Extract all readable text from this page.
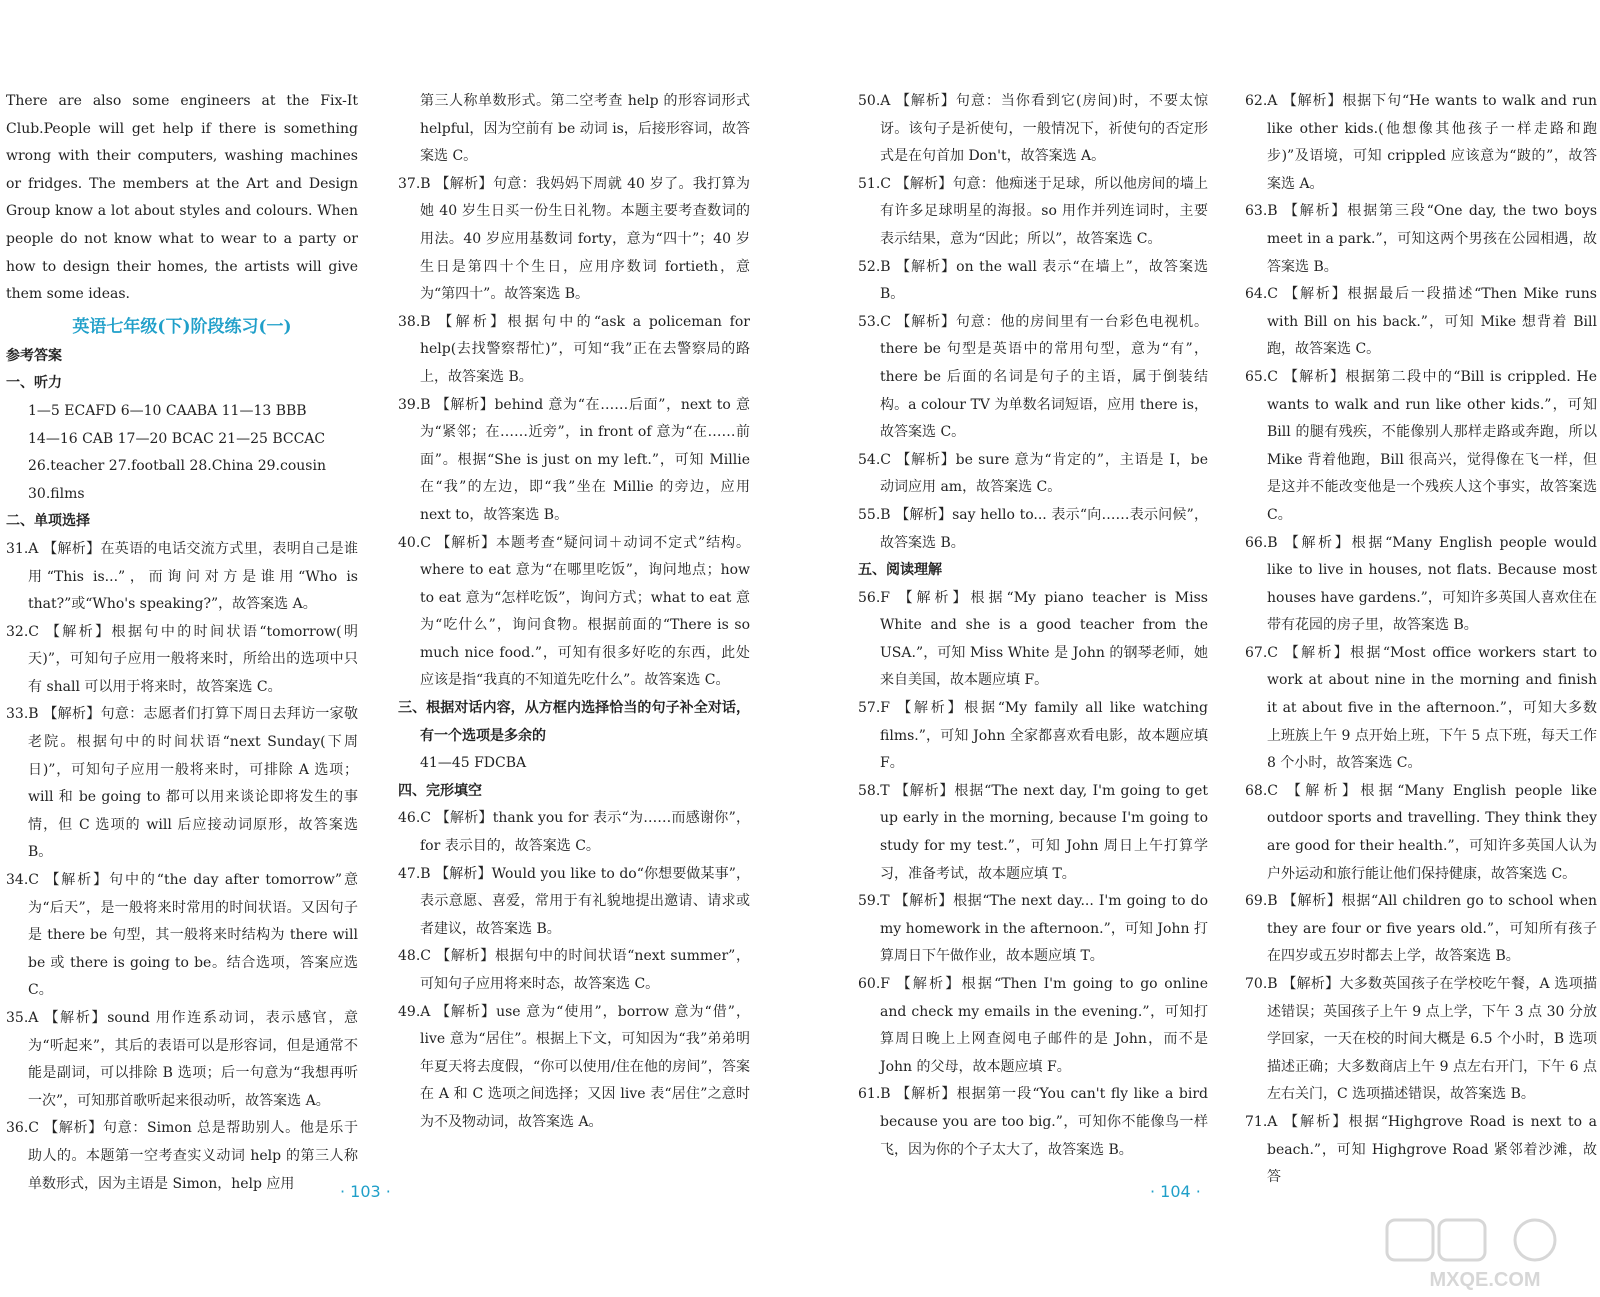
There are also some engineers at the Fix-It Club.People will get help if there is something wrong with their computers, washing machines or fridges. The members at the Art and Design Group know a lot about styles and colours. When people do not know what to wear to a party or how to design their homes, the artists will give them some ideas.
英语七年级(下)阶段练习(一)
参考答案
一、听力
1—5 ECAFD 6—10 CAABA 11—13 BBB
14—16 CAB 17—20 BCAC 21—25 BCCAC
26.teacher 27.football 28.China 29.cousin
30.films
二、单项选择
31.A 【解析】在英语的电话交流方式里，表明自己是谁用“This is...”，而询问对方是谁用“Who is that?”或“Who's speaking?”，故答案选 A。
32.C 【解析】根据句中的时间状语“tomorrow(明天)”，可知句子应用一般将来时，所给出的选项中只有 shall 可以用于将来时，故答案选 C。
33.B 【解析】句意：志愿者们打算下周日去拜访一家敬老院。根据句中的时间状语“next Sunday(下周日)”，可知句子应用一般将来时，可排除 A 选项；will 和 be going to 都可以用来谈论即将发生的事情，但 C 选项的 will 后应接动词原形，故答案选 B。
34.C 【解析】句中的“the day after tomorrow”意为“后天”，是一般将来时常用的时间状语。又因句子是 there be 句型，其一般将来时结构为 there will be 或 there is going to be。结合选项，答案应选 C。
35.A 【解析】sound 用作连系动词，表示感官，意为“听起来”，其后的表语可以是形容词，但是通常不能是副词，可以排除 B 选项；后一句意为“我想再听一次”，可知那首歌听起来很动听，故答案选 A。
36.C 【解析】句意：Simon 总是帮助别人。他是乐于助人的。本题第一空考查实义动词 help 的第三人称单数形式，因为主语是 Simon，help 应用
第三人称单数形式。第二空考查 help 的形容词形式 helpful，因为空前有 be 动词 is，后接形容词，故答案选 C。
37.B 【解析】句意：我妈妈下周就 40 岁了。我打算为她 40 岁生日买一份生日礼物。本题主要考查数词的用法。40 岁应用基数词 forty，意为“四十”；40 岁生日是第四十个生日，应用序数词 fortieth，意为“第四十”。故答案选 B。
38.B 【解析】根据句中的“ask a policeman for help(去找警察帮忙)”，可知“我”正在去警察局的路上，故答案选 B。
39.B 【解析】behind 意为“在……后面”，next to 意为“紧邻；在……近旁”，in front of 意为“在……前面”。根据“She is just on my left.”，可知 Millie 在“我”的左边，即“我”坐在 Millie 的旁边，应用 next to，故答案选 B。
40.C 【解析】本题考查“疑问词＋动词不定式”结构。where to eat 意为“在哪里吃饭”，询问地点；how to eat 意为“怎样吃饭”，询问方式；what to eat 意为“吃什么”，询问食物。根据前面的“There is so much nice food.”，可知有很多好吃的东西，此处应该是指“我真的不知道先吃什么”。故答案选 C。
三、根据对话内容，从方框内选择恰当的句子补全对话，有一个选项是多余的
41—45 FDCBA
四、完形填空
46.C 【解析】thank you for 表示“为……而感谢你”，for 表示目的，故答案选 C。
47.B 【解析】Would you like to do“你想要做某事”，表示意愿、喜爱，常用于有礼貌地提出邀请、请求或者建议，故答案选 B。
48.C 【解析】根据句中的时间状语“next summer”，可知句子应用将来时态，故答案选 C。
49.A 【解析】use 意为“使用”，borrow 意为“借”，live 意为“居住”。根据上下文，可知因为“我”弟弟明年夏天将去度假，“你可以使用/住在他的房间”，答案在 A 和 C 选项之间选择；又因 live 表“居住”之意时为不及物动词，故答案选 A。
50.A 【解析】句意：当你看到它(房间)时，不要太惊讶。该句子是祈使句，一般情况下，祈使句的否定形式是在句首加 Don't，故答案选 A。
51.C 【解析】句意：他痴迷于足球，所以他房间的墙上有许多足球明星的海报。so 用作并列连词时，主要表示结果，意为“因此；所以”，故答案选 C。
52.B 【解析】on the wall 表示“在墙上”，故答案选 B。
53.C 【解析】句意：他的房间里有一台彩色电视机。there be 句型是英语中的常用句型，意为“有”，there be 后面的名词是句子的主语，属于倒装结构。a colour TV 为单数名词短语，应用 there is，故答案选 C。
54.C 【解析】be sure 意为“肯定的”，主语是 I，be 动词应用 am，故答案选 C。
55.B 【解析】say hello to... 表示“向……表示问候”，故答案选 B。
五、阅读理解
56.F 【解析】根据“My piano teacher is Miss White and she is a good teacher from the USA.”，可知 Miss White 是 John 的钢琴老师，她来自美国，故本题应填 F。
57.F 【解析】根据“My family all like watching films.”，可知 John 全家都喜欢看电影，故本题应填 F。
58.T 【解析】根据“The next day, I'm going to get up early in the morning, because I'm going to study for my test.”，可知 John 周日上午打算学习，准备考试，故本题应填 T。
59.T 【解析】根据“The next day... I'm going to do my homework in the afternoon.”，可知 John 打算周日下午做作业，故本题应填 T。
60.F 【解析】根据“Then I'm going to go online and check my emails in the evening.”，可知打算周日晚上上网查阅电子邮件的是 John，而不是 John 的父母，故本题应填 F。
61.B 【解析】根据第一段“You can't fly like a bird because you are too big.”，可知你不能像鸟一样飞，因为你的个子太大了，故答案选 B。
62.A 【解析】根据下句“He wants to walk and run like other kids.(他想像其他孩子一样走路和跑步)”及语境，可知 crippled 应该意为“跛的”，故答案选 A。
63.B 【解析】根据第三段“One day, the two boys meet in a park.”，可知这两个男孩在公园相遇，故答案选 B。
64.C 【解析】根据最后一段描述“Then Mike runs with Bill on his back.”，可知 Mike 想背着 Bill 跑，故答案选 C。
65.C 【解析】根据第二段中的“Bill is crippled. He wants to walk and run like other kids.”，可知 Bill 的腿有残疾，不能像别人那样走路或奔跑，所以 Mike 背着他跑，Bill 很高兴，觉得像在飞一样，但是这并不能改变他是一个残疾人这个事实，故答案选 C。
66.B 【解析】根据“Many English people would like to live in houses, not flats. Because most houses have gardens.”，可知许多英国人喜欢住在带有花园的房子里，故答案选 B。
67.C 【解析】根据“Most office workers start to work at about nine in the morning and finish it at about five in the afternoon.”，可知大多数上班族上午 9 点开始上班，下午 5 点下班，每天工作 8 个小时，故答案选 C。
68.C 【解析】根据“Many English people like outdoor sports and travelling. They think they are good for their health.”，可知许多英国人认为户外运动和旅行能让他们保持健康，故答案选 C。
69.B 【解析】根据“All children go to school when they are four or five years old.”，可知所有孩子在四岁或五岁时都去上学，故答案选 B。
70.B 【解析】大多数英国孩子在学校吃午餐，A 选项描述错误；英国孩子上午 9 点上学，下午 3 点 30 分放学回家，一天在校的时间大概是 6.5 个小时，B 选项描述正确；大多数商店上午 9 点左右开门，下午 6 点左右关门，C 选项描述错误，故答案选 B。
71.A 【解析】根据“Highgrove Road is next to a beach.”，可知 Highgrove Road 紧邻着沙滩，故答
· 103 ·	· 104 ·
MXQE.COM
